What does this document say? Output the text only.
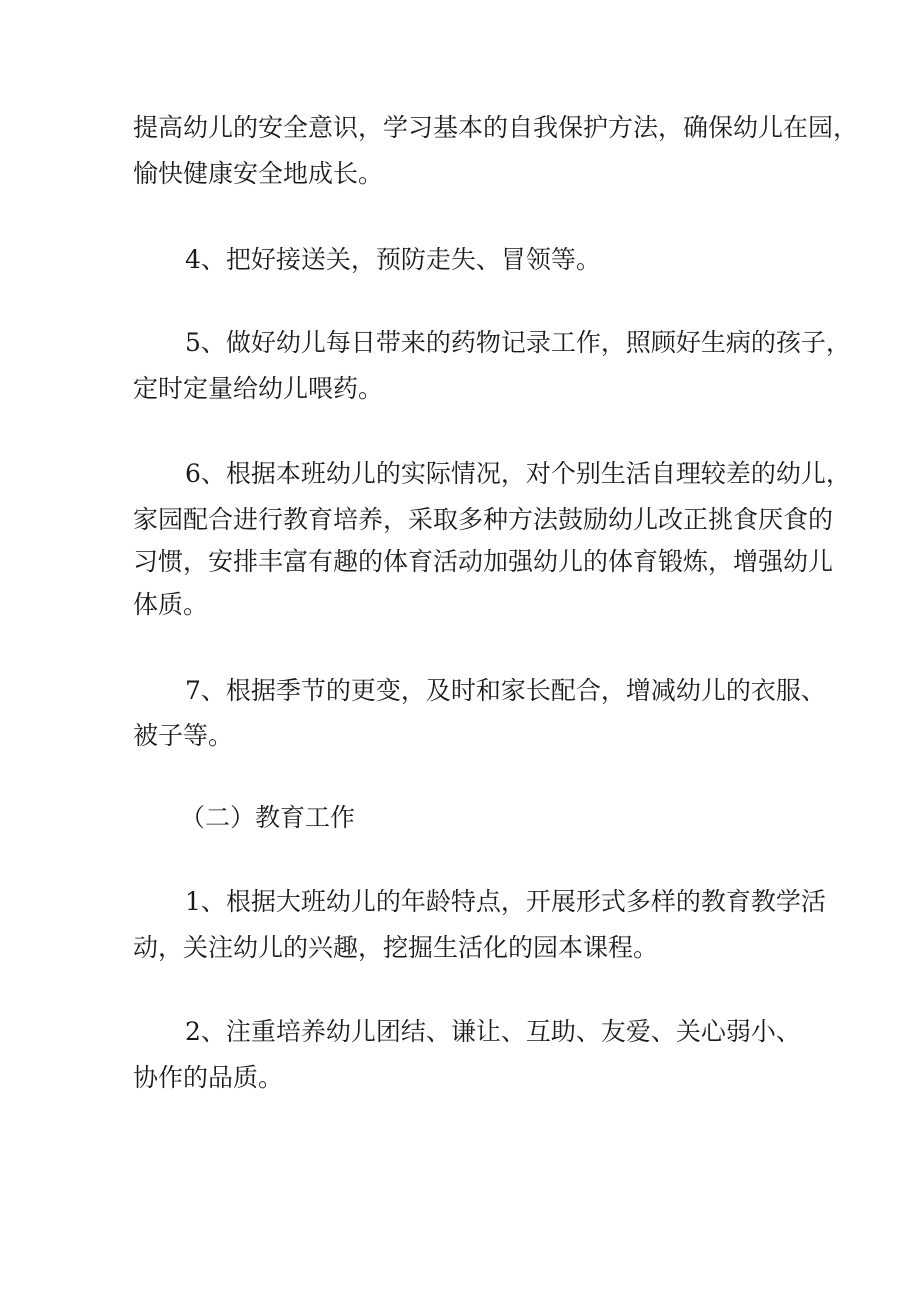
提高幼儿的安全意识，学习基本的自我保护方法，确保幼儿在园，

愉快健康安全地成长。

4、把好接送关，预防走失、冒领等。

5、做好幼儿每日带来的药物记录工作，照顾好生病的孩子，

定时定量给幼儿喂药。

6、根据本班幼儿的实际情况，对个别生活自理较差的幼儿，

家园配合进行教育培养，采取多种方法鼓励幼儿改正挑食厌食的

习惯，安排丰富有趣的体育活动加强幼儿的体育锻炼，增强幼儿

体质。

7、根据季节的更变，及时和家长配合，增减幼儿的衣服、

被子等。

（二）教育工作

1、根据大班幼儿的年龄特点，开展形式多样的教育教学活

动，关注幼儿的兴趣，挖掘生活化的园本课程。

2、注重培养幼儿团结、谦让、互助、友爱、关心弱小、

协作的品质。
